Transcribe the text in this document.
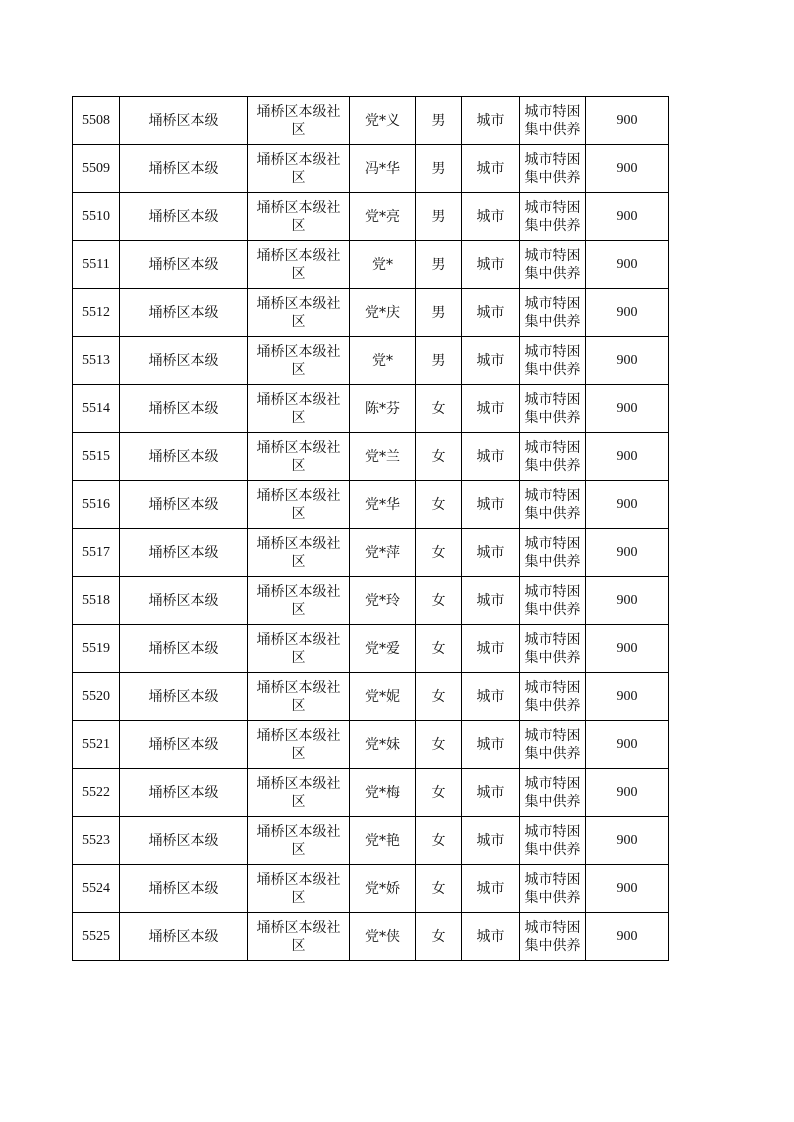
5508	埇桥区本级	埇桥区本级社区	党*义	男	城市	城市特困集中供养	900
5509	埇桥区本级	埇桥区本级社区	冯*华	男	城市	城市特困集中供养	900
5510	埇桥区本级	埇桥区本级社区	党*亮	男	城市	城市特困集中供养	900
5511	埇桥区本级	埇桥区本级社区	党*	男	城市	城市特困集中供养	900
5512	埇桥区本级	埇桥区本级社区	党*庆	男	城市	城市特困集中供养	900
5513	埇桥区本级	埇桥区本级社区	党*	男	城市	城市特困集中供养	900
5514	埇桥区本级	埇桥区本级社区	陈*芬	女	城市	城市特困集中供养	900
5515	埇桥区本级	埇桥区本级社区	党*兰	女	城市	城市特困集中供养	900
5516	埇桥区本级	埇桥区本级社区	党*华	女	城市	城市特困集中供养	900
5517	埇桥区本级	埇桥区本级社区	党*萍	女	城市	城市特困集中供养	900
5518	埇桥区本级	埇桥区本级社区	党*玲	女	城市	城市特困集中供养	900
5519	埇桥区本级	埇桥区本级社区	党*爱	女	城市	城市特困集中供养	900
5520	埇桥区本级	埇桥区本级社区	党*妮	女	城市	城市特困集中供养	900
5521	埇桥区本级	埇桥区本级社区	党*妹	女	城市	城市特困集中供养	900
5522	埇桥区本级	埇桥区本级社区	党*梅	女	城市	城市特困集中供养	900
5523	埇桥区本级	埇桥区本级社区	党*艳	女	城市	城市特困集中供养	900
5524	埇桥区本级	埇桥区本级社区	党*娇	女	城市	城市特困集中供养	900
5525	埇桥区本级	埇桥区本级社区	党*侠	女	城市	城市特困集中供养	900
